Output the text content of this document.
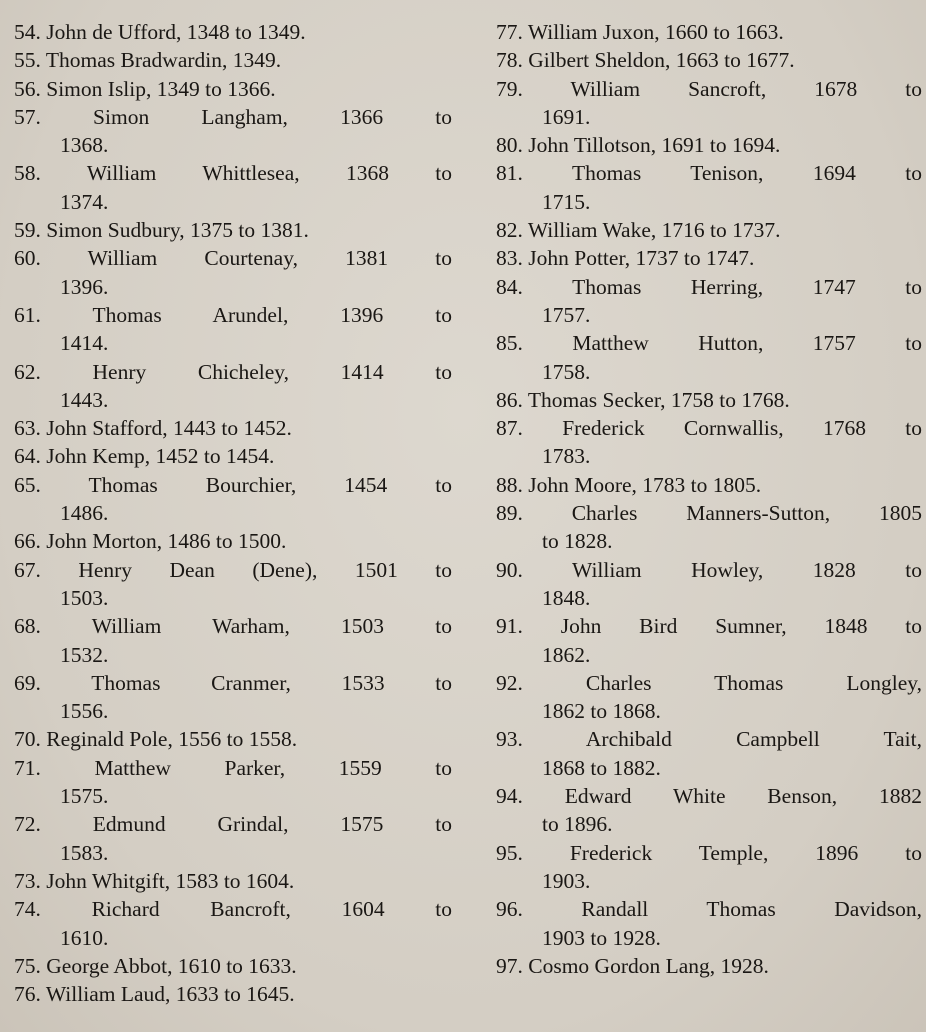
54. John de Ufford, 1348 to 1349.
55. Thomas Bradwardin, 1349.
56. Simon Islip, 1349 to 1366.
57. Simon Langham, 1366 to
1368.
58. William Whittlesea, 1368 to
1374.
59. Simon Sudbury, 1375 to 1381.
60. William Courtenay, 1381 to
1396.
61. Thomas Arundel, 1396 to
1414.
62. Henry Chicheley, 1414 to
1443.
63. John Stafford, 1443 to 1452.
64. John Kemp, 1452 to 1454.
65. Thomas Bourchier, 1454 to
1486.
66. John Morton, 1486 to 1500.
67. Henry Dean (Dene), 1501 to
1503.
68. William Warham, 1503 to
1532.
69. Thomas Cranmer, 1533 to
1556.
70. Reginald Pole, 1556 to 1558.
71. Matthew Parker, 1559 to
1575.
72. Edmund Grindal, 1575 to
1583.
73. John Whitgift, 1583 to 1604.
74. Richard Bancroft, 1604 to
1610.
75. George Abbot, 1610 to 1633.
76. William Laud, 1633 to 1645.
77. William Juxon, 1660 to 1663.
78. Gilbert Sheldon, 1663 to 1677.
79. William Sancroft, 1678 to
1691.
80. John Tillotson, 1691 to 1694.
81. Thomas Tenison, 1694 to
1715.
82. William Wake, 1716 to 1737.
83. John Potter, 1737 to 1747.
84. Thomas Herring, 1747 to
1757.
85. Matthew Hutton, 1757 to
1758.
86. Thomas Secker, 1758 to 1768.
87. Frederick Cornwallis, 1768 to
1783.
88. John Moore, 1783 to 1805.
89. Charles Manners-Sutton, 1805
to 1828.
90. William Howley, 1828 to
1848.
91. John Bird Sumner, 1848 to
1862.
92.	Charles Thomas Longley,
1862 to 1868.
93.	Archibald Campbell Tait,
1868 to 1882.
94. Edward White Benson, 1882
to 1896.
95. Frederick Temple, 1896 to
1903.
96.	Randall Thomas Davidson,
1903 to 1928.
97. Cosmo Gordon Lang, 1928.
